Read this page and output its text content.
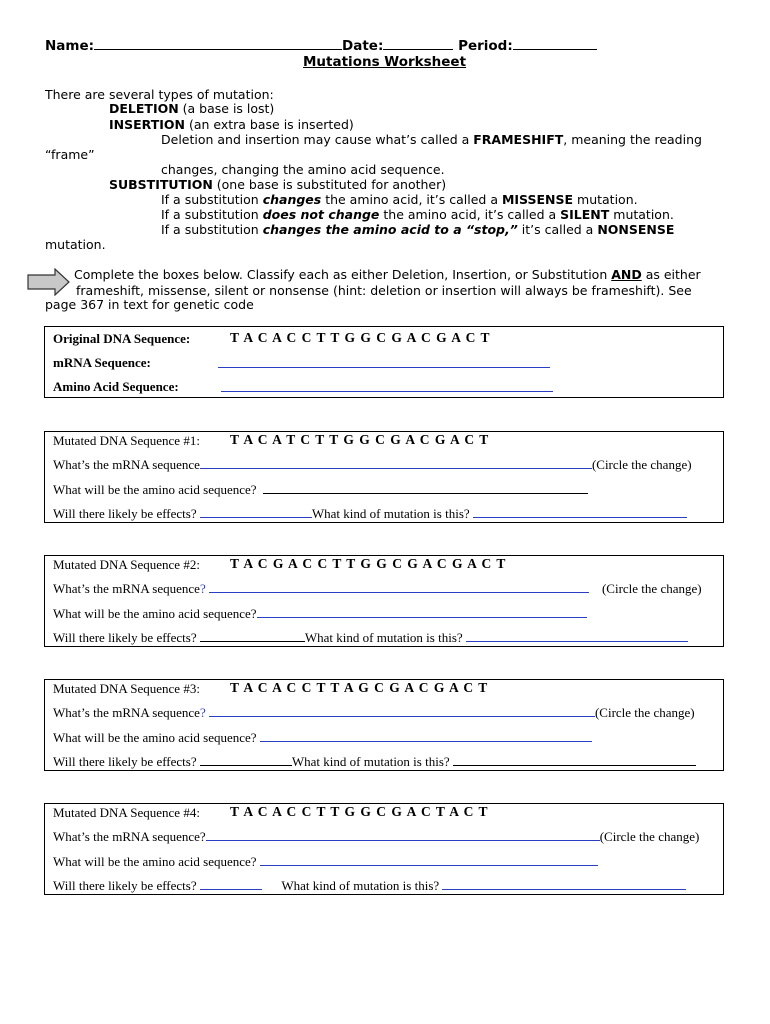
Name:	Date:	Period:
Mutations Worksheet
There are several types of mutation:
DELETION (a base is lost)
INSERTION (an extra base is inserted)
Deletion and insertion may cause what’s called a FRAMESHIFT, meaning the reading
“frame”
changes, changing the amino acid sequence.
SUBSTITUTION (one base is substituted for another)
If a substitution changes the amino acid, it’s called a MISSENSE mutation.
If a substitution does not change the amino acid, it’s called a SILENT mutation.
If a substitution changes the amino acid to a “stop,” it’s called a NONSENSE
mutation.
Complete the boxes below. Classify each as either Deletion, Insertion, or Substitution AND as either
frameshift, missense, silent or nonsense (hint: deletion or insertion will always be frameshift). See
page 367 in text for genetic code
Original DNA Sequence:	T A C A C C T T G G C G A C G A C T
mRNA Sequence:
Amino Acid Sequence:
Mutated DNA Sequence #1: T A C A T C T T G G C G A C G A C T
What’s the mRNA sequence	(Circle the change)
What will be the amino acid sequence?
Will there likely be effects?	What kind of mutation is this?
Mutated DNA Sequence #2: T A C G A C C T T G G C G A C G A C T
What’s the mRNA sequence?	(Circle the change)
What will be the amino acid sequence?
Will there likely be effects?	What kind of mutation is this?
Mutated DNA Sequence #3: T A C A C C T T A G C G A C G A C T
What’s the mRNA sequence?	(Circle the change)
What will be the amino acid sequence?
Will there likely be effects?	What kind of mutation is this?
Mutated DNA Sequence #4: T A C A C C T T G G C G A C T A C T
What’s the mRNA sequence?	(Circle the change)
What will be the amino acid sequence?
Will there likely be effects?	What kind of mutation is this?
